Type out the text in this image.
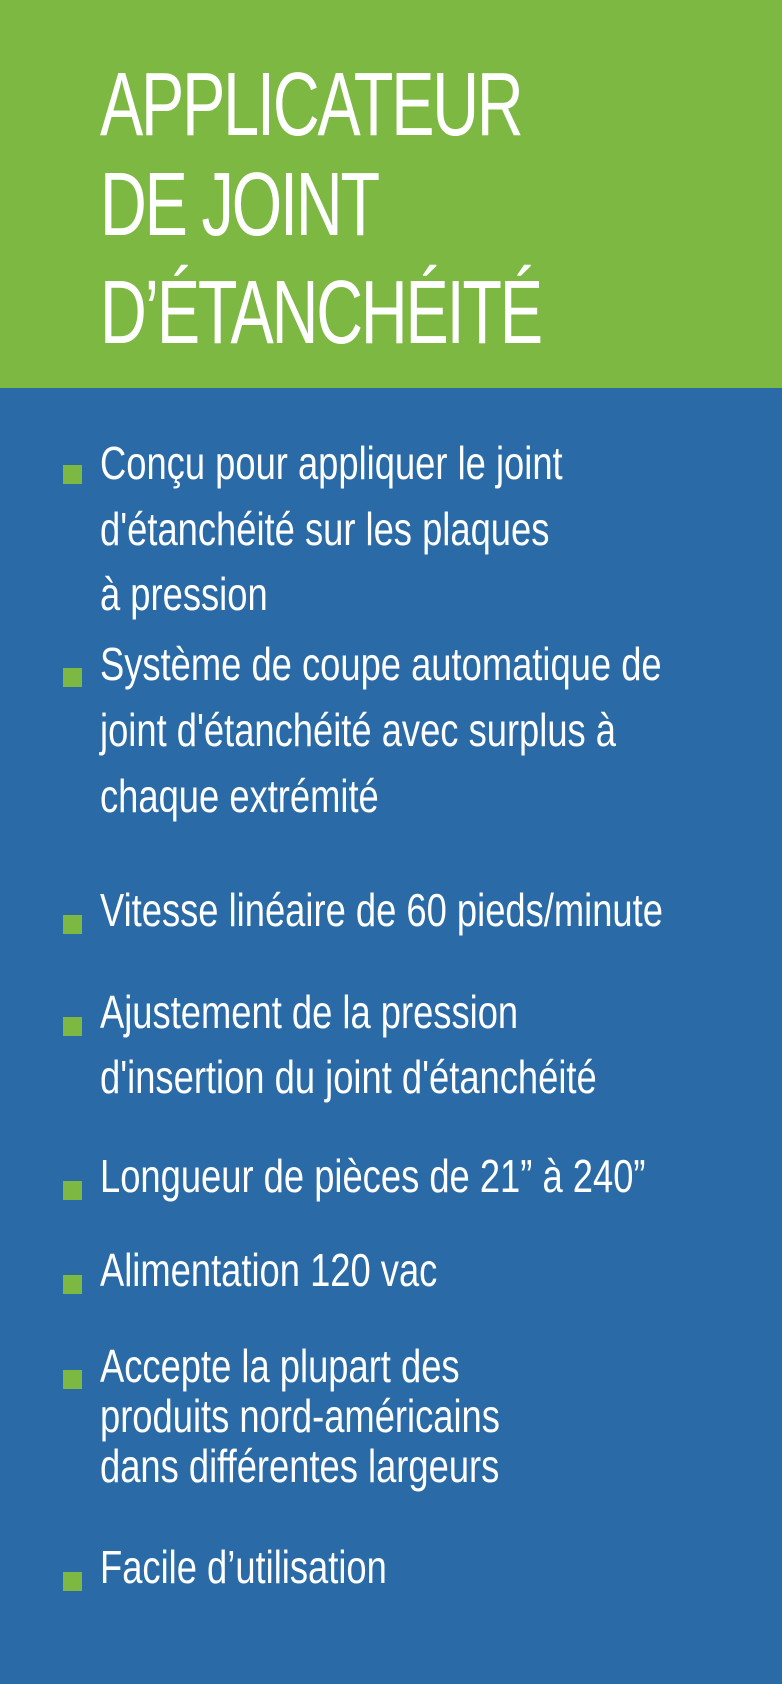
APPLICATEUR
DE JOINT
D’ÉTANCHÉITÉ
Conçu pour appliquer le joint
d'étanchéité sur les plaques
à pression
Système de coupe automatique de
joint d'étanchéité avec surplus à
chaque extrémité
Vitesse linéaire de 60 pieds/minute
Ajustement de la pression
d'insertion du joint d'étanchéité
Longueur de pièces de 21” à 240”
Alimentation 120 vac
Accepte la plupart des
produits nord-américains
dans différentes largeurs
Facile d’utilisation
